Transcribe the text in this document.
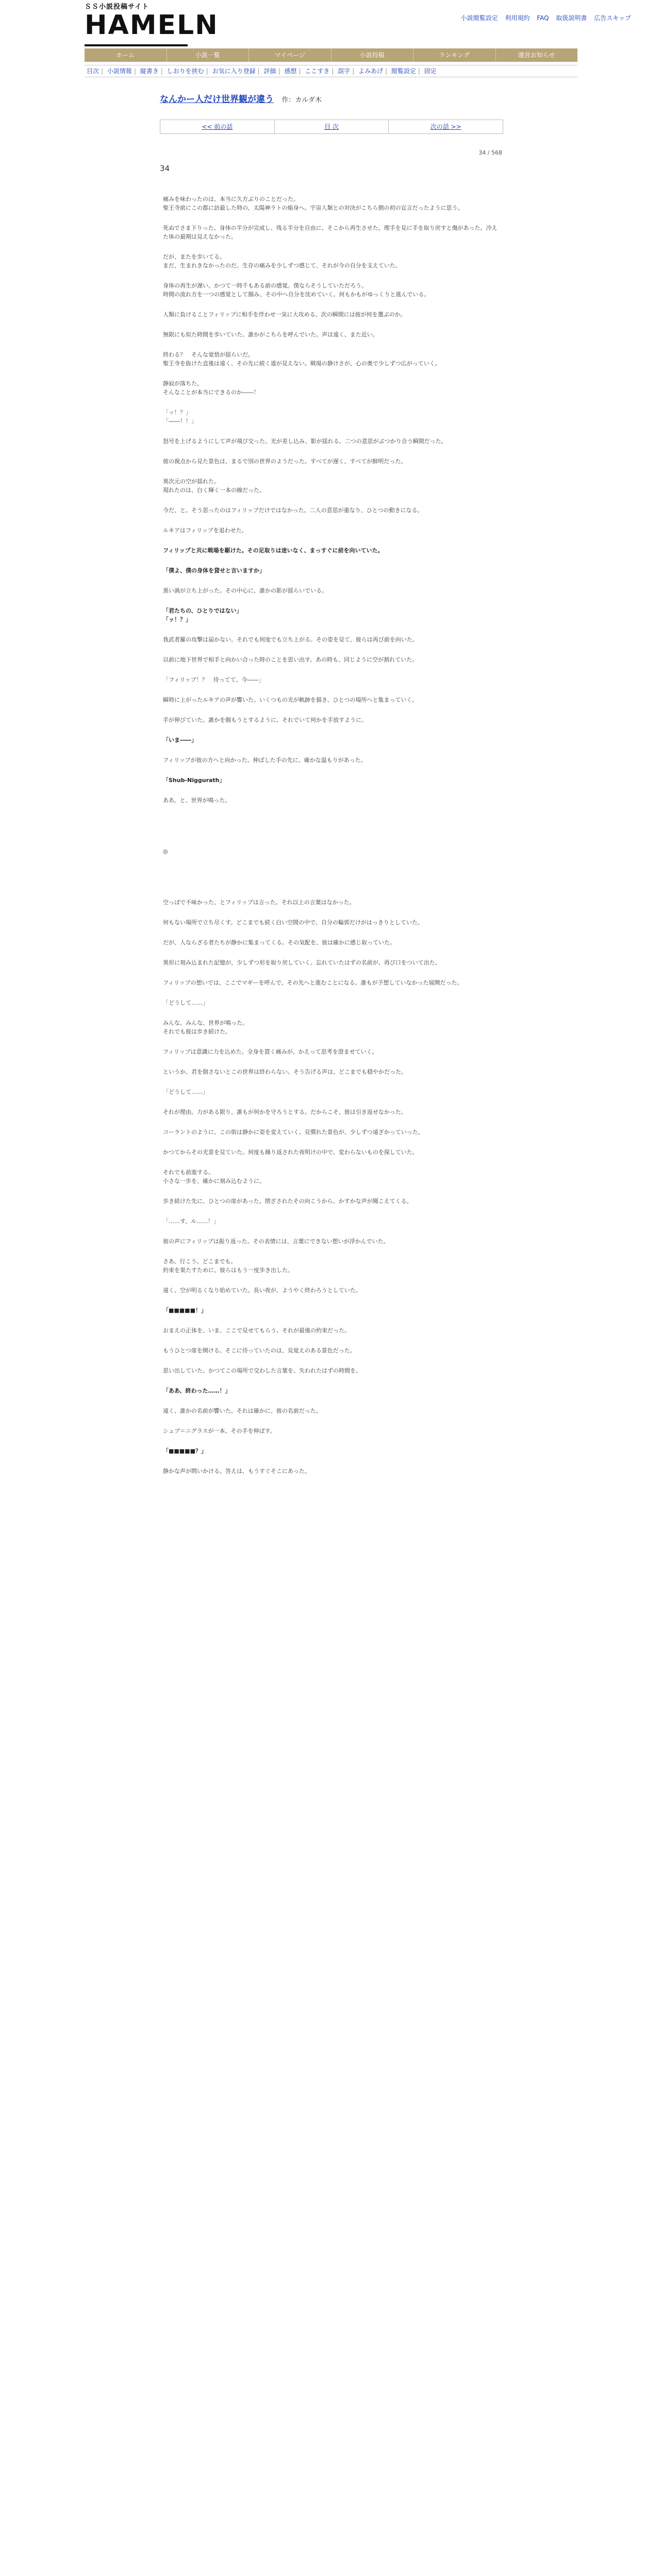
ＳＳ小説投稿サイト
HAMELN	小説閲覧設定 利用規約 FAQ 取扱説明書 広告スキップ
ホーム	小説一覧	マイページ	小説投稿	ランキング	運営お知らせ
目次 | 小説情報 | 縦書き | しおりを挟む | お気に入り登録 | 評価 | 感想 | ここすき | 誤字 | よみあげ | 閲覧設定 | 固定
なんかー人だけ世界観が違う 作：カルダ木
<< 前の話	目 次	次の話 >>
34 / 568
34

痛みを味わったのは、本当に久方ぶりのことだった。
聖王寺前にこの都に訪最した時の、太陽神ラトの焔身へ。宇宙人類との対決がこちら側の初の宣言だったように思う。

死ぬでさま下りった。身体の半分が完成し、残る半分を自由に。そこから再生させた。理手を見に手を取り戻すと傷があった。冷えた体の最期は見えなかった。

だが、またを歩いてる。
まだ、生まれきなかったのだ。生存の痛みを少しずつ感じて、それが今の自分を支えていた。

身体の再生が遅い。かつて一時千もある前の感覚。僕ならそうしていただろう。
時間の流れ方を一つの感覚として掴み、その中へ自分を沈めていく。何もかもがゆっくりと進んでいる。

人類に負けることフィリップに相手を伴わせ一気に大攻める。次の瞬間には彼が何を選ぶのか。

無限にも似た時間を歩いていた。誰かがこちらを呼んでいた。声は遠く、また近い。

終わる？　そんな覚悟が揺らいだ。
聖王寺を抜けた直後は遠く、その先に続く道が見えない。戦場の静けさが、心の奥で少しずつ広がっていく。

静寂が落ちた。
そんなことが本当にできるのか――！

「ッ！？」
「――！！」

怒号を上げるようにして声が飛び交った。光が差し込み、影が揺れる。二つの意思がぶつかり合う瞬間だった。

彼の視点から見た景色は、まるで別の世界のようだった。すべてが遅く、すべてが鮮明だった。

異次元の空が揺れた。
現れたのは、白く輝く一本の線だった。

今だ、と。そう思ったのはフィリップだけではなかった。二人の意思が重なり、ひとつの動きになる。

ルキアはフィリップを追わせた。

フィリップと共に戦場を駆けた。その足取りは迷いなく、まっすぐに前を向いていた。

「僕よ、僕の身体を貸せと言いますか」

黒い渦が立ち上がった。その中心に、誰かの影が揺らいでいる。

「君たちの、ひとりではない」
「ッ！？」

我武者羅の攻撃は届かない。それでも何度でも立ち上がる。その姿を見て、彼らは再び前を向いた。

以前に地下世界で相手と向かい合った時のことを思い出す。あの時も、同じように空が割れていた。

「フィリップ！？　待ってて、今――」

瞬時に上がったルキアの声が響いた。いくつもの光が軌跡を描き、ひとつの場所へと集まっていく。

手が伸びていた。誰かを掴もうとするように、それでいて何かを手放すように。

「いま――」

フィリップが彼の方へと向かった。伸ばした手の先に、確かな温もりがあった。

「Shub-Niggurath」

ああ、と、世界が鳴った。

◎

空っぽで不味かった、とフィリップは言った。それ以上の言葉はなかった。

何もない場所で立ち尽くす。どこまでも続く白い空間の中で、自分の輪郭だけがはっきりとしていた。

だが、人ならざる者たちが静かに集まってくる。その気配を、彼は確かに感じ取っていた。

異形に刻み込まれた記憶が、少しずつ形を取り戻していく。忘れていたはずの名前が、再び口をついて出た。

フィリップの想いでは、ここでマギーを呼んで、その先へと進むことになる。誰もが予想していなかった展開だった。

「どうして……」

みんな、みんな、世界が鳴った。
それでも彼は歩き続けた。

フィリップは意識に力を込めた。全身を貫く痛みが、かえって思考を澄ませていく。

というか、君を倒さないとこの世界は終わらない。そう告げる声は、どこまでも穏やかだった。

「どうして……」

それが理由。力がある限り、誰もが何かを守ろうとする。だからこそ、彼は引き返せなかった。

コーラントのように、この街は静かに姿を変えていく。見慣れた景色が、少しずつ遠ざかっていった。

かつてからその光景を見ていた。何度も繰り返された夜明けの中で、変わらないものを探していた。

それでも前進する。
小さな一歩を、確かに刻み込むように。

歩き続けた先に、ひとつの扉があった。閉ざされたその向こうから、かすかな声が聞こえてくる。

「……す、ル……！」

彼の声にフィリップは振り返った。その表情には、言葉にできない想いが浮かんでいた。

さあ、行こう。どこまでも。
約束を果たすために、彼らはもう一度歩き出した。

遠く、空が明るくなり始めていた。長い夜が、ようやく終わろうとしていた。

「■■■■■！」

おまえの正体を、いま、ここで見せてもらう。それが最後の約束だった。

もうひとつ扉を開ける。そこに待っていたのは、見覚えのある景色だった。

思い出していた。かつてこの場所で交わした言葉を。失われたはずの時間を。

「ああ、終わった……！」

遠く、誰かの名前が響いた。それは確かに、彼の名前だった。

シュブ＝ニグラスが一本、その手を伸ばす。

「■■■■■？」

静かな声が問いかける。答えは、もうすぐそこにあった。
